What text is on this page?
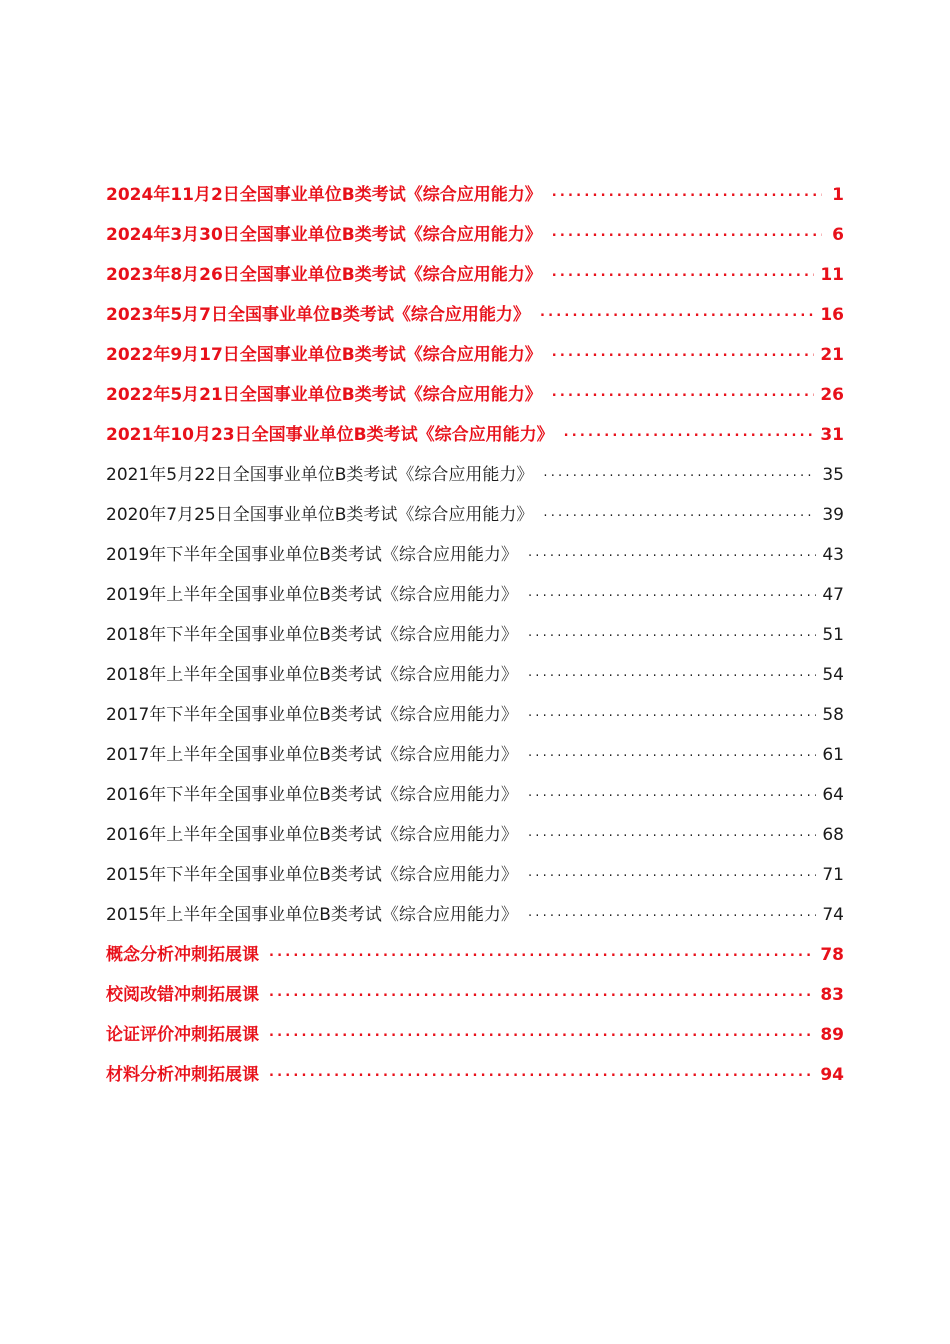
2024年11月2日全国事业单位B类考试《综合应用能力》 .....	1
2024年3月30日全国事业单位B类考试《综合应用能力》 .....	6
2023年8月26日全国事业单位B类考试《综合应用能力》 .....	11
2023年5月7日全国事业单位B类考试《综合应用能力》 .....	16
2022年9月17日全国事业单位B类考试《综合应用能力》 .....	21
2022年5月21日全国事业单位B类考试《综合应用能力》 .....	26
2021年10月23日全国事业单位B类考试《综合应用能力》 .....	31
2021年5月22日全国事业单位B类考试《综合应用能力》 .....	35
2020年7月25日全国事业单位B类考试《综合应用能力》 .....	39
2019年下半年全国事业单位B类考试《综合应用能力》 .....	43
2019年上半年全国事业单位B类考试《综合应用能力》 .....	47
2018年下半年全国事业单位B类考试《综合应用能力》 .....	51
2018年上半年全国事业单位B类考试《综合应用能力》 .....	54
2017年下半年全国事业单位B类考试《综合应用能力》 .....	58
2017年上半年全国事业单位B类考试《综合应用能力》 .....	61
2016年下半年全国事业单位B类考试《综合应用能力》 .....	64
2016年上半年全国事业单位B类考试《综合应用能力》 .....	68
2015年下半年全国事业单位B类考试《综合应用能力》 .....	71
2015年上半年全国事业单位B类考试《综合应用能力》 .....	74
概念分析冲刺拓展课 .....	78
校阅改错冲刺拓展课 .....	83
论证评价冲刺拓展课 .....	89
材料分析冲刺拓展课 .....	94
